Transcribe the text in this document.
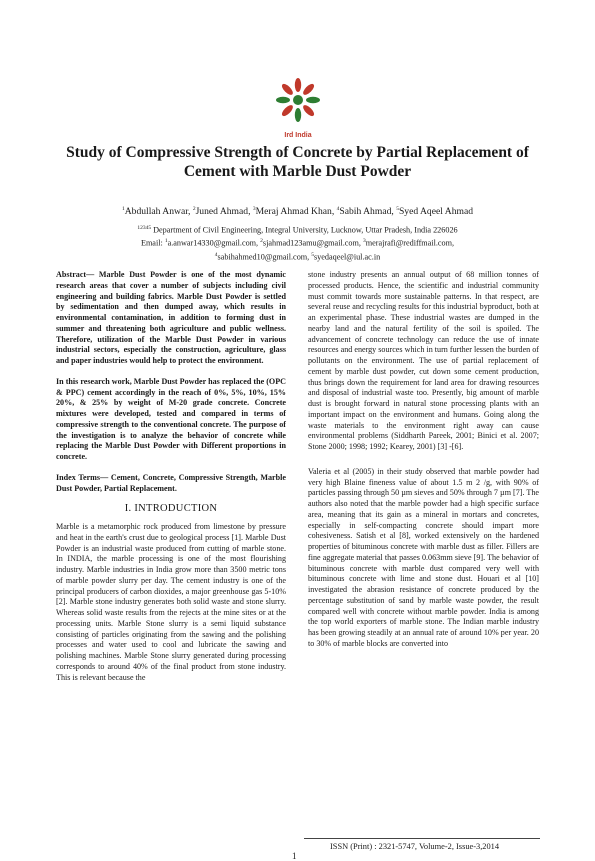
Ird India
Study of Compressive Strength of Concrete by Partial Replacement of Cement with Marble Dust Powder
$^1$Abdullah Anwar, $^2$Juned Ahmad, $^3$Meraj Ahmad Khan, $^4$Sabih Ahmad, $^5$Syed Aqeel Ahmad
$^{12345}$ Department of Civil Engineering, Integral University, Lucknow, Uttar Pradesh, India 226026
Email: $^1$a.anwar14330@gmail.com, $^2$sjahmad123amu@gmail.com, $^3$merajrafi@rediffmail.com,
$^4$sabihahmed10@gmail.com, $^5$syedaqeel@iul.ac.in

Abstract— Marble Dust Powder is one of the most dynamic research areas that cover a number of subjects including civil engineering and building fabrics. Marble Dust Powder is settled by sedimentation and then dumped away, which results in environmental contamination, in addition to forming dust in summer and threatening both agriculture and public wellness. Therefore, utilization of the Marble Dust Powder in various industrial sectors, especially the construction, agriculture, glass and paper industries would help to protect the environment.

In this research work, Marble Dust Powder has replaced the (OPC & PPC) cement accordingly in the reach of 0%, 5%, 10%, 15% 20%, & 25% by weight of M-20 grade concrete. Concrete mixtures were developed, tested and compared in terms of compressive strength to the conventional concrete. The purpose of the investigation is to analyze the behavior of concrete while replacing the Marble Dust Powder with Different proportions in concrete.

Index Terms— Cement, Concrete, Compressive Strength, Marble Dust Powder, Partial Replacement.

I. INTRODUCTION

Marble is a metamorphic rock produced from limestone by pressure and heat in the earth's crust due to geological process [1]. Marble Dust Powder is an industrial waste produced from cutting of marble stone. In INDIA, the marble processing is one of the most flourishing industry. Marble industries in India grow more than 3500 metric tons of marble powder slurry per day. The cement industry is one of the principal producers of carbon dioxides, a major greenhouse gas 5-10% [2]. Marble stone industry generates both solid waste and stone slurry. Whereas solid waste results from the rejects at the mine sites or at the processing units. Marble Stone slurry is a semi liquid substance consisting of particles originating from the sawing and the polishing processes and water used to cool and lubricate the sawing and polishing machines. Marble Stone slurry generated during processing corresponds to around 40% of the final product from stone industry. This is relevant because the

stone industry presents an annual output of 68 million tonnes of processed products. Hence, the scientific and industrial community must commit towards more sustainable patterns. In that respect, are several reuse and recycling results for this industrial byproduct, both at an experimental phase. These industrial wastes are dumped in the nearby land and the natural fertility of the soil is spoiled. The advancement of concrete technology can reduce the use of innate resources and energy sources which in turn further lessen the burden of pollutants on the environment. The use of partial replacement of cement by marble dust powder, cut down some cement production, thus brings down the requirement for land area for drawing resources and disposal of industrial waste too. Presently, big amount of marble dust is brought forward in natural stone processing plants with an important impact on the environment and humans. Going along the waste materials to the environment right away can cause environmental problems (Siddharth Pareek, 2001; Binici et al. 2007; Stone 2000; 1998; 1992; Kearey, 2001) [3] -[6].

Valeria et al (2005) in their study observed that marble powder had very high Blaine fineness value of about 1.5 m 2 /g, with 90% of particles passing through 50 µm sieves and 50% through 7 µm [7]. The authors also noted that the marble powder had a high specific surface area, meaning that its gain as a mineral in mortars and concretes, especially in self-compacting concrete should impart more cohesiveness. Satish et al [8], worked extensively on the hardened properties of bituminous concrete with marble dust as filler. Fillers are fine aggregate material that passes 0.063mm sieve [9]. The behavior of bituminous concrete with marble dust compared very well with bituminous concrete with lime and stone dust. Houari et al [10] investigated the abrasion resistance of concrete produced by the percentage substitution of sand by marble waste powder, the result compared well with concrete without marble powder. India is among the top world exporters of marble stone. The Indian marble industry has been growing steadily at an annual rate of around 10% per year. 20 to 30% of marble blocks are converted into

ISSN (Print) : 2321-5747, Volume-2, Issue-3,2014
1
